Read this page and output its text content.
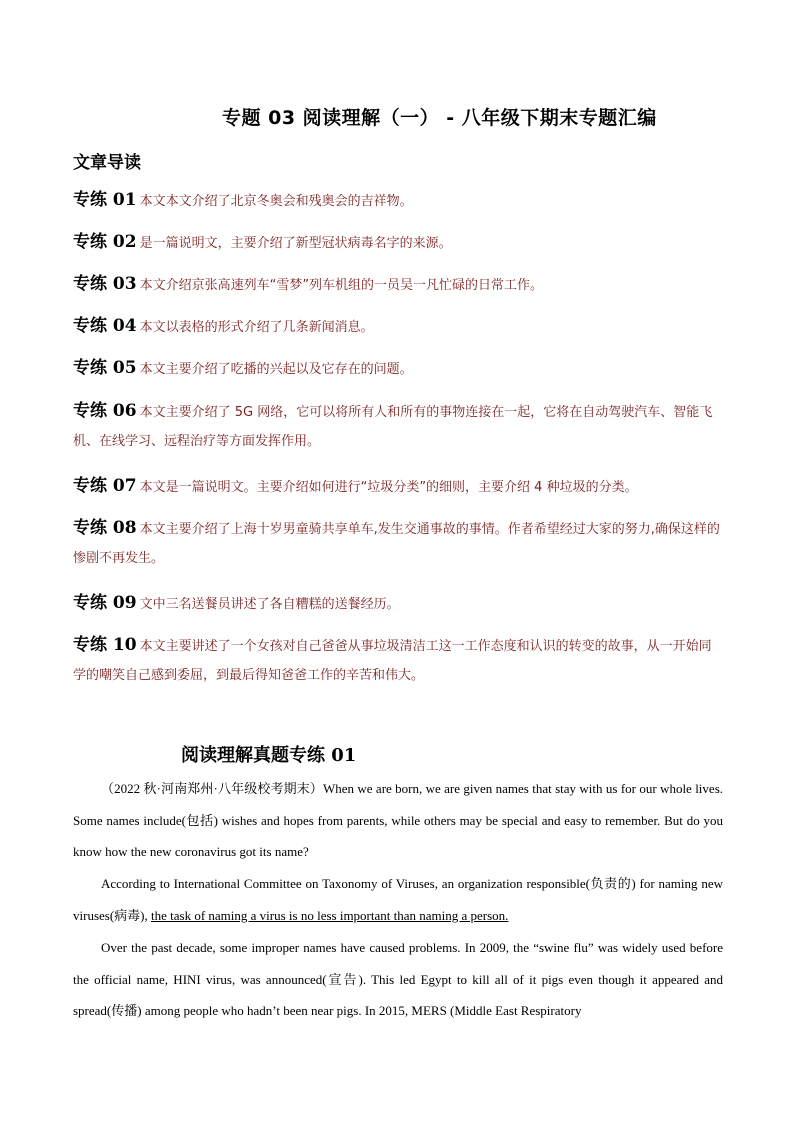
专题 03 阅读理解（一） - 八年级下期末专题汇编
文章导读
专练 01 本文本文介绍了北京冬奥会和残奥会的吉祥物。
专练 02 是一篇说明文，主要介绍了新型冠状病毒名字的来源。
专练 03 本文介绍京张高速列车“雪梦”列车机组的一员吴一凡忙碌的日常工作。
专练 04 本文以表格的形式介绍了几条新闻消息。
专练 05 本文主要介绍了吃播的兴起以及它存在的问题。
专练 06 本文主要介绍了 5G 网络，它可以将所有人和所有的事物连接在一起，它将在自动驾驶汽车、智能飞机、在线学习、远程治疗等方面发挥作用。
专练 07 本文是一篇说明文。主要介绍如何进行“垃圾分类”的细则，主要介绍 4 种垃圾的分类。
专练 08 本文主要介绍了上海十岁男童骑共享单车,发生交通事故的事情。作者希望经过大家的努力,确保这样的惨剧不再发生。
专练 09 文中三名送餐员讲述了各自糟糕的送餐经历。
专练 10 本文主要讲述了一个女孩对自己爸爸从事垃圾清洁工这一工作态度和认识的转变的故事，从一开始同学的嘲笑自己感到委屈，到最后得知爸爸工作的辛苦和伟大。
阅读理解真题专练 01
（2022 秋·河南郑州·八年级校考期末）When we are born, we are given names that stay with us for our whole lives. Some names include(包括) wishes and hopes from parents, while others may be special and easy to remember. But do you know how the new coronavirus got its name?
According to International Committee on Taxonomy of Viruses, an organization responsible(负责的) for naming new viruses(病毒), the task of naming a virus is no less important than naming a person.
Over the past decade, some improper names have caused problems. In 2009, the “swine flu” was widely used before the official name, HINI virus, was announced(宣告). This led Egypt to kill all of it pigs even though it appeared and spread(传播) among people who hadn’t been near pigs. In 2015, MERS (Middle East Respiratory
